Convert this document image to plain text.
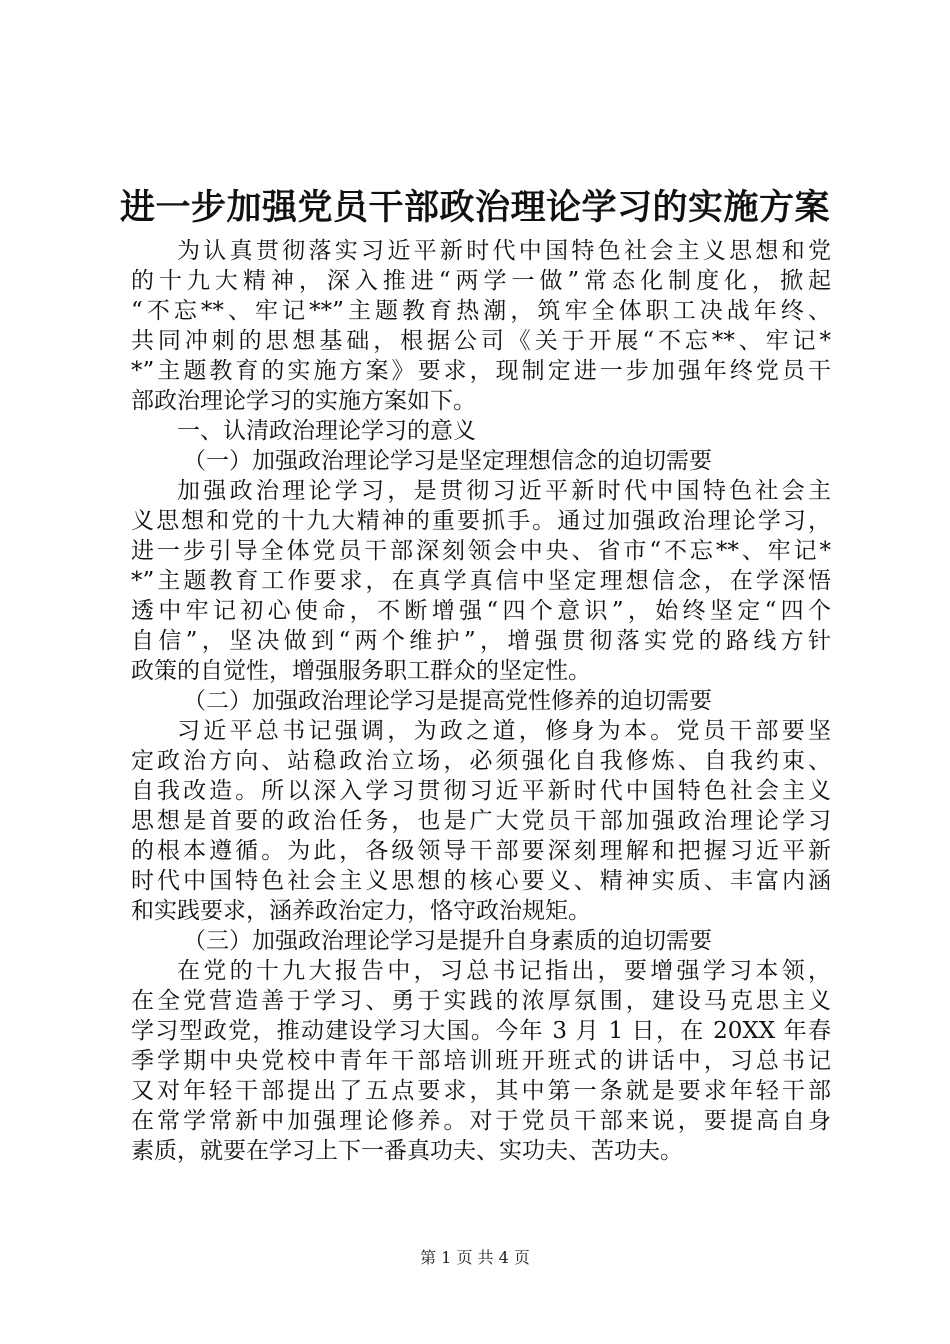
进一步加强党员干部政治理论学习的实施方案
为认真贯彻落实习近平新时代中国特色社会主义思想和党
的十九大精神，深入推进“两学一做”常态化制度化，掀起
“不忘**、牢记**”主题教育热潮，筑牢全体职工决战年终、
共同冲刺的思想基础，根据公司《关于开展“不忘**、牢记*
*”主题教育的实施方案》要求，现制定进一步加强年终党员干
部政治理论学习的实施方案如下。
一、认清政治理论学习的意义
（一）加强政治理论学习是坚定理想信念的迫切需要
加强政治理论学习，是贯彻习近平新时代中国特色社会主
义思想和党的十九大精神的重要抓手。通过加强政治理论学习，
进一步引导全体党员干部深刻领会中央、省市“不忘**、牢记*
*”主题教育工作要求，在真学真信中坚定理想信念，在学深悟
透中牢记初心使命，不断增强“四个意识”，始终坚定“四个
自信”，坚决做到“两个维护”，增强贯彻落实党的路线方针
政策的自觉性，增强服务职工群众的坚定性。
（二）加强政治理论学习是提高党性修养的迫切需要
习近平总书记强调，为政之道，修身为本。党员干部要坚
定政治方向、站稳政治立场，必须强化自我修炼、自我约束、
自我改造。所以深入学习贯彻习近平新时代中国特色社会主义
思想是首要的政治任务，也是广大党员干部加强政治理论学习
的根本遵循。为此，各级领导干部要深刻理解和把握习近平新
时代中国特色社会主义思想的核心要义、精神实质、丰富内涵
和实践要求，涵养政治定力，恪守政治规矩。
（三）加强政治理论学习是提升自身素质的迫切需要
在党的十九大报告中，习总书记指出，要增强学习本领，
在全党营造善于学习、勇于实践的浓厚氛围，建设马克思主义
学习型政党，推动建设学习大国。今年 3 月 1 日，在 20XX 年春
季学期中央党校中青年干部培训班开班式的讲话中，习总书记
又对年轻干部提出了五点要求，其中第一条就是要求年轻干部
在常学常新中加强理论修养。对于党员干部来说，要提高自身
素质，就要在学习上下一番真功夫、实功夫、苦功夫。
第 1 页 共 4 页
